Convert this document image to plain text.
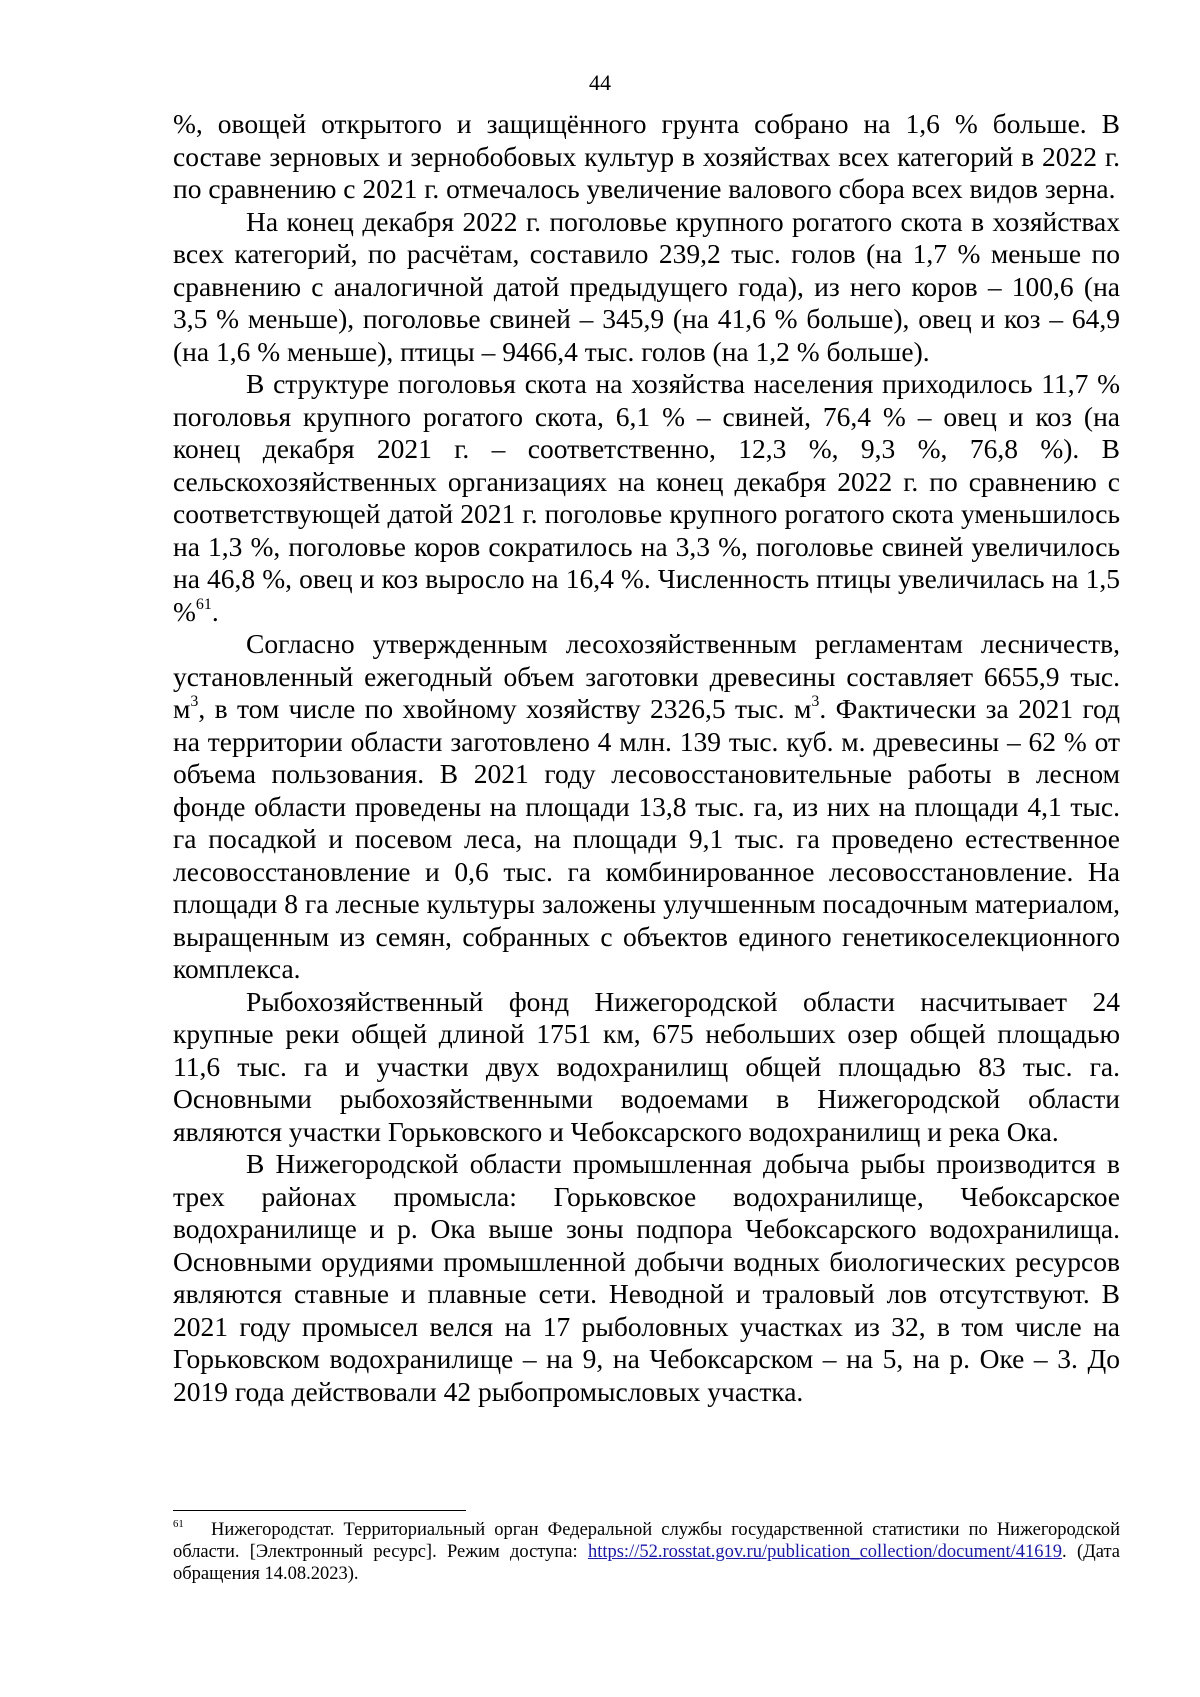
44

%, овощей открытого и защищённого грунта собрано на 1,6 % больше. В составе зерновых и зернобобовых культур в хозяйствах всех категорий в 2022 г. по сравнению с 2021 г. отмечалось увеличение валового сбора всех видов зерна.

На конец декабря 2022 г. поголовье крупного рогатого скота в хозяйствах всех категорий, по расчётам, составило 239,2 тыс. голов (на 1,7 % меньше по сравнению с аналогичной датой предыдущего года), из него коров – 100,6 (на 3,5 % меньше), поголовье свиней – 345,9 (на 41,6 % больше), овец и коз – 64,9 (на 1,6 % меньше), птицы – 9466,4 тыс. голов (на 1,2 % больше).

В структуре поголовья скота на хозяйства населения приходилось 11,7 % поголовья крупного рогатого скота, 6,1 % – свиней, 76,4 % – овец и коз (на конец декабря 2021 г. – соответственно, 12,3 %, 9,3 %, 76,8 %). В сельскохозяйственных организациях на конец декабря 2022 г. по сравнению с соответствующей датой 2021 г. поголовье крупного рогатого скота уменьшилось на 1,3 %, поголовье коров сократилось на 3,3 %, поголовье свиней увеличилось на 46,8 %, овец и коз выросло на 16,4 %. Численность птицы увеличилась на 1,5 %$^{61}$.

Согласно утвержденным лесохозяйственным регламентам лесничеств, установленный ежегодный объем заготовки древесины составляет 6655,9 тыс. $м^3$, в том числе по хвойному хозяйству 2326,5 тыс. $м^3$. Фактически за 2021 год на территории области заготовлено 4 млн. 139 тыс. куб. м. древесины – 62 % от объема пользования. В 2021 году лесовосстановительные работы в лесном фонде области проведены на площади 13,8 тыс. га, из них на площади 4,1 тыс. га посадкой и посевом леса, на площади 9,1 тыс. га проведено естественное лесовосстановление и 0,6 тыс. га комбинированное лесовосстановление. На площади 8 га лесные культуры заложены улучшенным посадочным материалом, выращенным из семян, собранных с объектов единого генетикоселекционного комплекса.

Рыбохозяйственный фонд Нижегородской области насчитывает 24 крупные реки общей длиной 1751 км, 675 небольших озер общей площадью 11,6 тыс. га и участки двух водохранилищ общей площадью 83 тыс. га. Основными рыбохозяйственными водоемами в Нижегородской области являются участки Горьковского и Чебоксарского водохранилищ и река Ока.

В Нижегородской области промышленная добыча рыбы производится в трех районах промысла: Горьковское водохранилище, Чебоксарское водохранилище и р. Ока выше зоны подпора Чебоксарского водохранилища. Основными орудиями промышленной добычи водных биологических ресурсов являются ставные и плавные сети. Неводной и траловый лов отсутствуют. В 2021 году промысел велся на 17 рыболовных участках из 32, в том числе на Горьковском водохранилище – на 9, на Чебоксарском – на 5, на р. Оке – 3. До 2019 года действовали 42 рыбопромысловых участка.

$^{61}$ Нижегородстат. Территориальный орган Федеральной службы государственной статистики по Нижегородской области. [Электронный ресурс]. Режим доступа: https://52.rosstat.gov.ru/publication_collection/document/41619. (Дата обращения 14.08.2023).
